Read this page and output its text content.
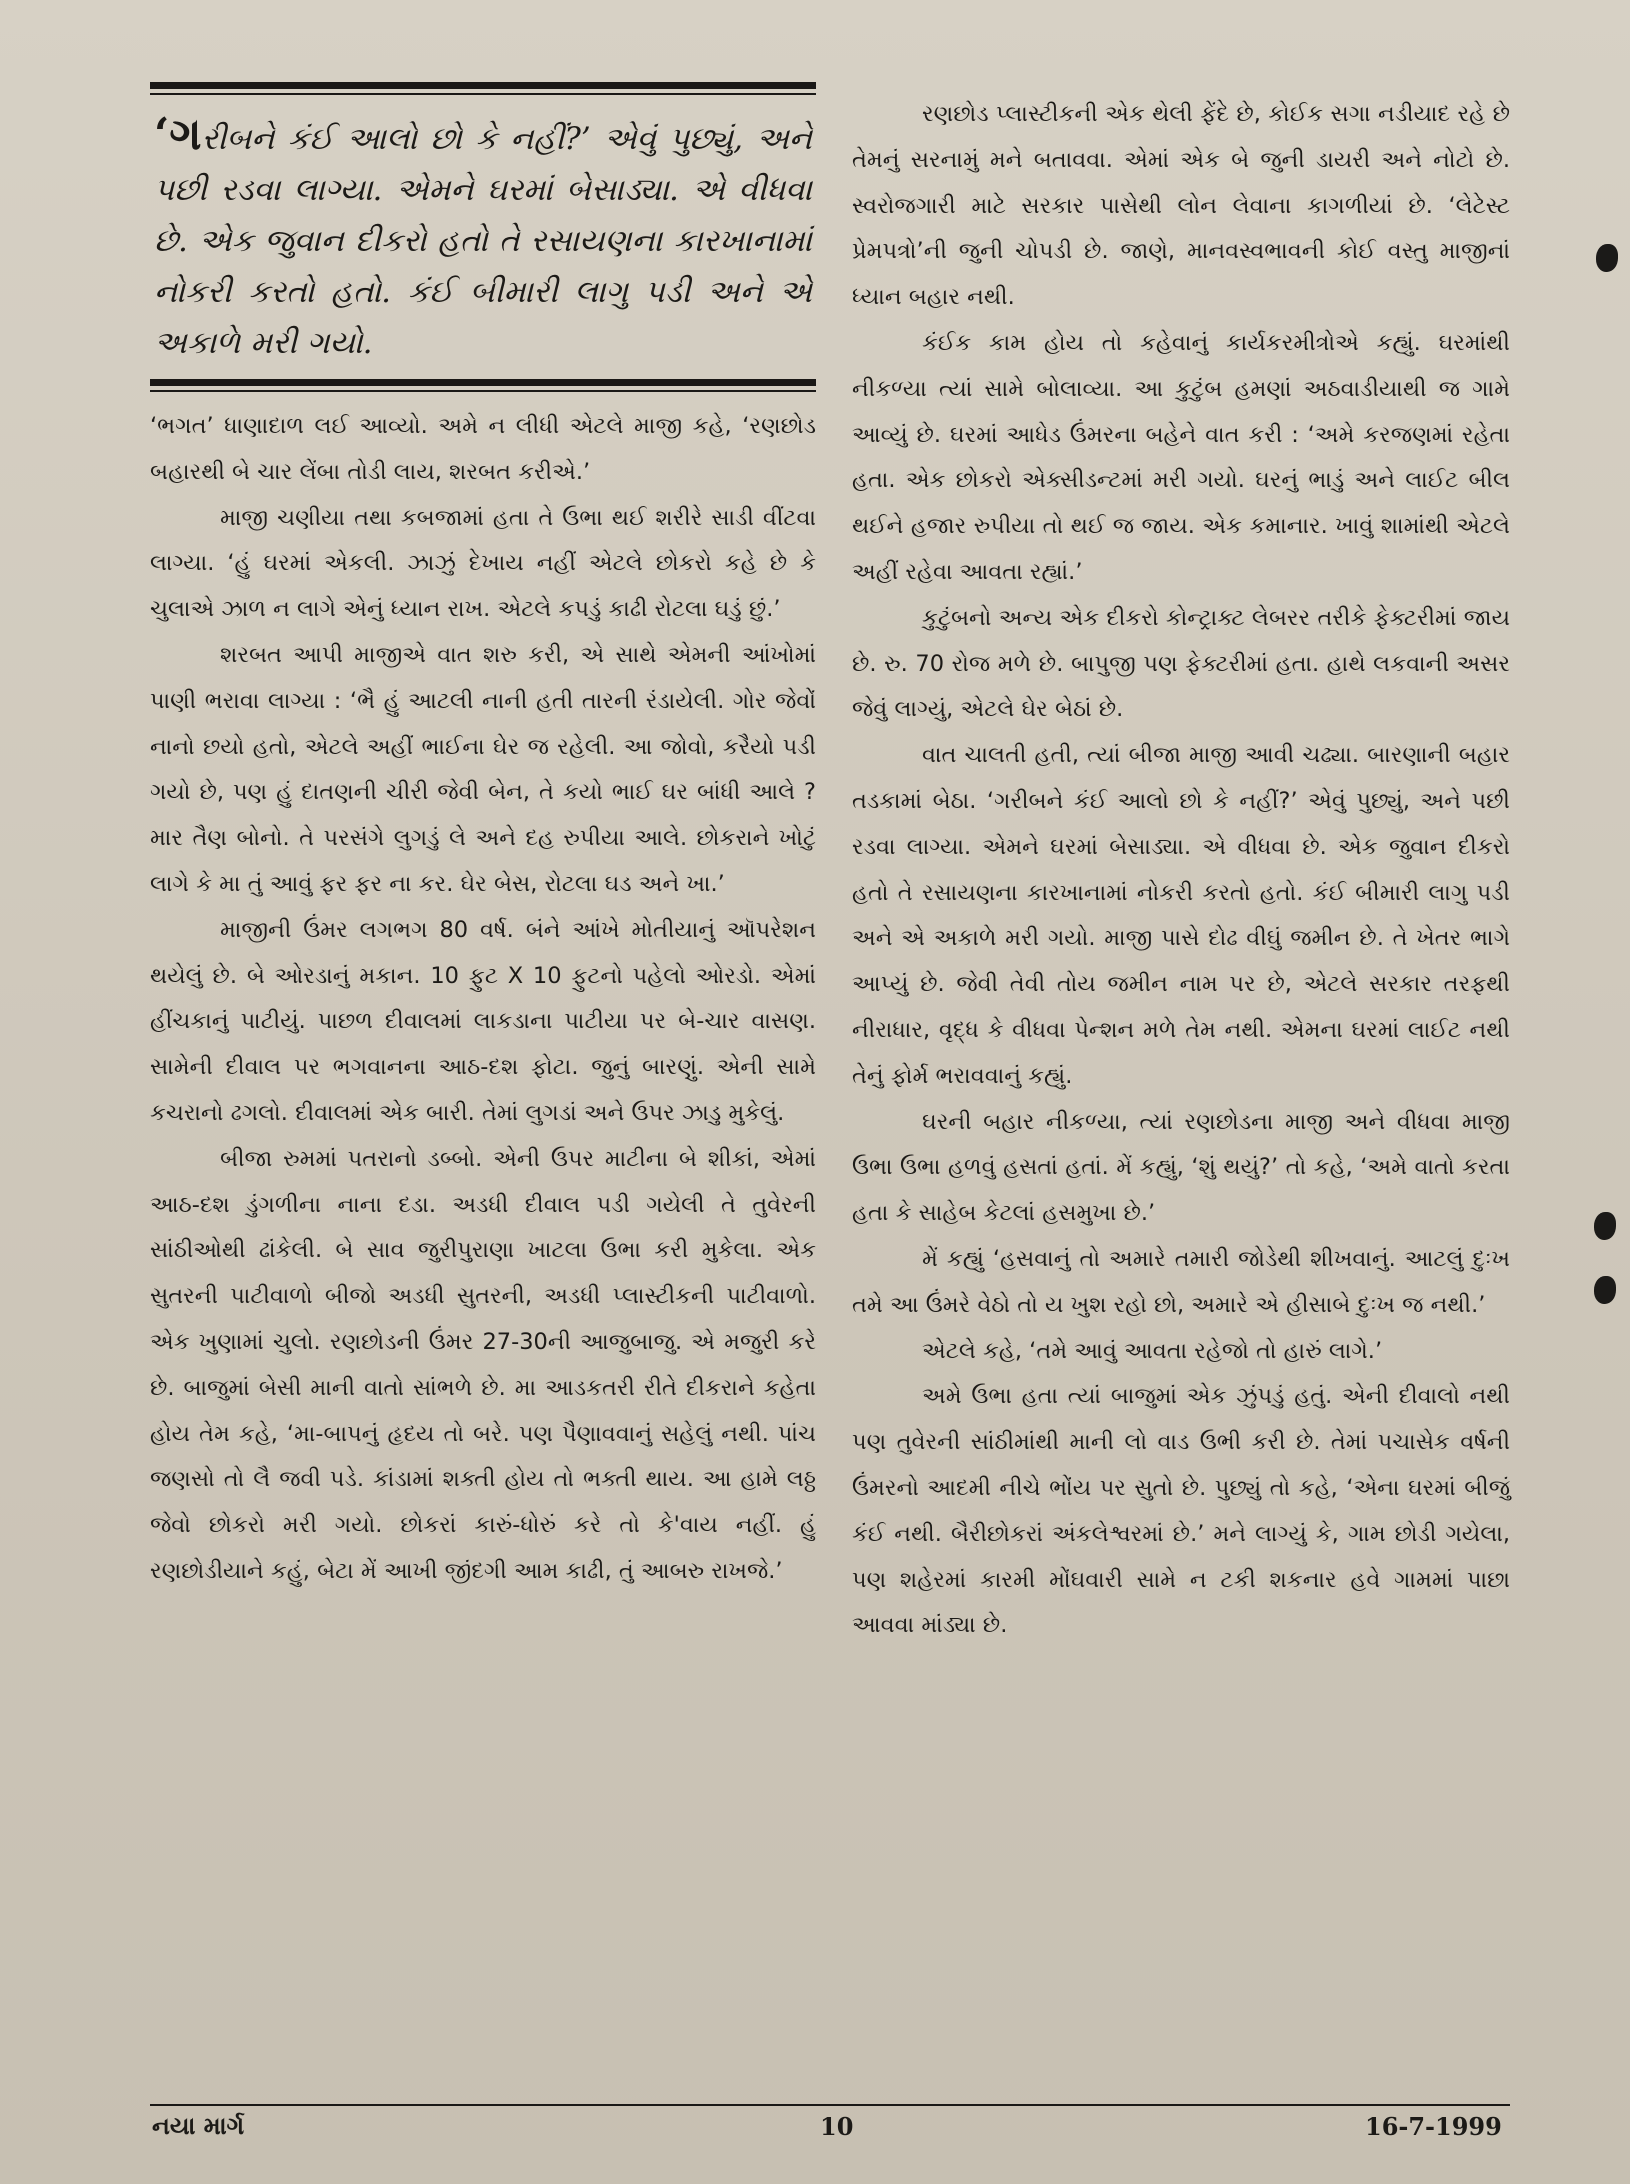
‘ગરીબને કંઈ આલો છો કે નહીં?’ એવું પુછ્યું, અને પછી રડવા લાગ્યા. એમને ઘરમાં બેસાડ્યા. એ વીધવા છે. એક જુવાન દીકરો હતો તે રસાયણના કારખાનામાં નોકરી કરતો હતો. કંઈ બીમારી લાગુ પડી અને એ અકાળે મરી ગયો.

‘ભગત’ ધાણાદાળ લઈ આવ્યો. અમે ન લીધી એટલે માજી કહે, ‘રણછોડ બહારથી બે ચાર લેંબા તોડી લાય, શરબત કરીએ.’

માજી ચણીયા તથા કબજામાં હતા તે ઉભા થઈ શરીરે સાડી વીંટવા લાગ્યા. ‘હું ઘરમાં એકલી. ઝાઝું દેખાય નહીં એટલે છોકરો કહે છે કે ચુલાએ ઝાળ ન લાગે એનું ધ્યાન રાખ. એટલે કપડું કાઢી રોટલા ઘડું છું.’

શરબત આપી માજીએ વાત શરુ કરી, એ સાથે એમની આંખોમાં પાણી ભરાવા લાગ્યા : ‘ભૈ હું આટલી નાની હતી તારની રંડાયેલી. ગોર જેવોં નાનો છયો હતો, એટલે અહીં ભાઈના ઘેર જ રહેલી. આ જોવો, કરૈયો પડી ગયો છે, પણ હું દાતણની ચીરી જેવી બેન, તે કયો ભાઈ ઘર બાંધી આલે ? માર તૈણ બોનો. તે પરસંગે લુગડું લે અને દહ રુપીયા આલે. છોકરાને ખોટું લાગે કે મા તું આવું ફર ફર ના કર. ઘેર બેસ, રોટલા ઘડ અને ખા.’

માજીની ઉંમર લગભગ 80 વર્ષ. બંને આંખે મોતીયાનું ઑપરેશન થયેલું છે. બે ઓરડાનું મકાન. 10 ફુટ X 10 ફુટનો પહેલો ઓરડો. એમાં હીંચકાનું પાટીયું. પાછળ દીવાલમાં લાકડાના પાટીયા પર બે-ચાર વાસણ. સામેની દીવાલ પર ભગવાનના આઠ-દશ ફોટા. જુનું બારણું. એની સામે કચરાનો ઢગલો. દીવાલમાં એક બારી. તેમાં લુગડાં અને ઉપર ઝાડુ મુકેલું.

બીજા રુમમાં પતરાનો ડબ્બો. એની ઉપર માટીના બે શીકાં, એમાં આઠ-દશ ડુંગળીના નાના દડા. અડધી દીવાલ પડી ગયેલી તે તુવેરની સાંઠીઓથી ઢાંકેલી. બે સાવ જુરીપુરાણા ખાટલા ઉભા કરી મુકેલા. એક સુતરની પાટીવાળો બીજો અડધી સુતરની, અડધી પ્લાસ્ટીકની પાટીવાળો. એક ખુણામાં ચુલો. રણછોડની ઉંમર 27-30ની આજુબાજુ. એ મજુરી કરે છે. બાજુમાં બેસી માની વાતો સાંભળે છે. મા આડકતરી રીતે દીકરાને કહેતા હોય તેમ કહે, ‘મા-બાપનું હૃદય તો બરે. પણ પૈણાવવાનું સહેલું નથી. પાંચ જણસો તો લૈ જવી પડે. કાંડામાં શક્તી હોય તો ભક્તી થાય. આ હામે લઠ્ઠ જેવો છોકરો મરી ગયો. છોકરાં કારું-ધોરું કરે તો કે'વાય નહીં. હું રણછોડીયાને કહું, બેટા મેં આખી જીંદગી આમ કાઢી, તું આબરુ રાખજે.’

રણછોડ પ્લાસ્ટીકની એક થેલી ફેંદે છે, કોઈક સગા નડીયાદ રહે છે તેમનું સરનામું મને બતાવવા. એમાં એક બે જુની ડાયરી અને નોટો છે. સ્વરોજગારી માટે સરકાર પાસેથી લોન લેવાના કાગળીયાં છે. ‘લેટેસ્ટ પ્રેમપત્રો’ની જુની ચોપડી છે. જાણે, માનવસ્વભાવની કોઈ વસ્તુ માજીનાં ધ્યાન બહાર નથી.

કંઈક કામ હોય તો કહેવાનું કાર્યકરમીત્રોએ કહ્યું. ઘરમાંથી નીકળ્યા ત્યાં સામે બોલાવ્યા. આ કુટુંબ હમણાં અઠવાડીયાથી જ ગામે આવ્યું છે. ઘરમાં આધેડ ઉંમરના બહેને વાત કરી : ‘અમે કરજણમાં રહેતા હતા. એક છોકરો એક્સીડન્ટમાં મરી ગયો. ઘરનું ભાડું અને લાઈટ બીલ થઈને હજાર રુપીયા તો થઈ જ જાય. એક કમાનાર. ખાવું શામાંથી એટલે અહીં રહેવા આવતા રહ્યાં.’

કુટુંબનો અન્ય એક દીકરો કોન્ટ્રાક્ટ લેબરર તરીકે ફેક્ટરીમાં જાય છે. રુ. 70 રોજ મળે છે. બાપુજી પણ ફેક્ટરીમાં હતા. હાથે લકવાની અસર જેવું લાગ્યું, એટલે ઘેર બેઠાં છે.

વાત ચાલતી હતી, ત્યાં બીજા માજી આવી ચઢ્યા. બારણાની બહાર તડકામાં બેઠા. ‘ગરીબને કંઈ આલો છો કે નહીં?’ એવું પુછ્યું, અને પછી રડવા લાગ્યા. એમને ઘરમાં બેસાડ્યા. એ વીધવા છે. એક જુવાન દીકરો હતો તે રસાયણના કારખાનામાં નોકરી કરતો હતો. કંઈ બીમારી લાગુ પડી અને એ અકાળે મરી ગયો. માજી પાસે દોઢ વીઘું જમીન છે. તે ખેતર ભાગે આપ્યું છે. જેવી તેવી તોય જમીન નામ પર છે, એટલે સરકાર તરફથી નીરાધાર, વૃદ્ધ કે વીધવા પેન્શન મળે તેમ નથી. એમના ઘરમાં લાઈટ નથી તેનું ફોર્મ ભરાવવાનું કહ્યું.

ઘરની બહાર નીકળ્યા, ત્યાં રણછોડના માજી અને વીધવા માજી ઉભા ઉભા હળવું હસતાં હતાં. મેં કહ્યું, ‘શું થયું?’ તો કહે, ‘અમે વાતો કરતા હતા કે સાહેબ કેટલાં હસમુખા છે.’

મેં કહ્યું ‘હસવાનું તો અમારે તમારી જોડેથી શીખવાનું. આટલું દુઃખ તમે આ ઉંમરે વેઠો તો ય ખુશ રહો છો, અમારે એ હીસાબે દુઃખ જ નથી.’

એટલે કહે, ‘તમે આવું આવતા રહેજો તો હારું લાગે.’

અમે ઉભા હતા ત્યાં બાજુમાં એક ઝુંપડું હતું. એની દીવાલો નથી પણ તુવેરની સાંઠીમાંથી માની લો વાડ ઉભી કરી છે. તેમાં પચાસેક વર્ષની ઉંમરનો આદમી નીચે ભોંય પર સુતો છે. પુછ્યું તો કહે, ‘એના ઘરમાં બીજું કંઈ નથી. બૈરીછોકરાં અંકલેશ્વરમાં છે.’ મને લાગ્યું કે, ગામ છોડી ગયેલા, પણ શહેરમાં કારમી મોંઘવારી સામે ન ટકી શકનાર હવે ગામમાં પાછા આવવા માંડ્યા છે.

નયા માર્ગ	10	16-7-1999
